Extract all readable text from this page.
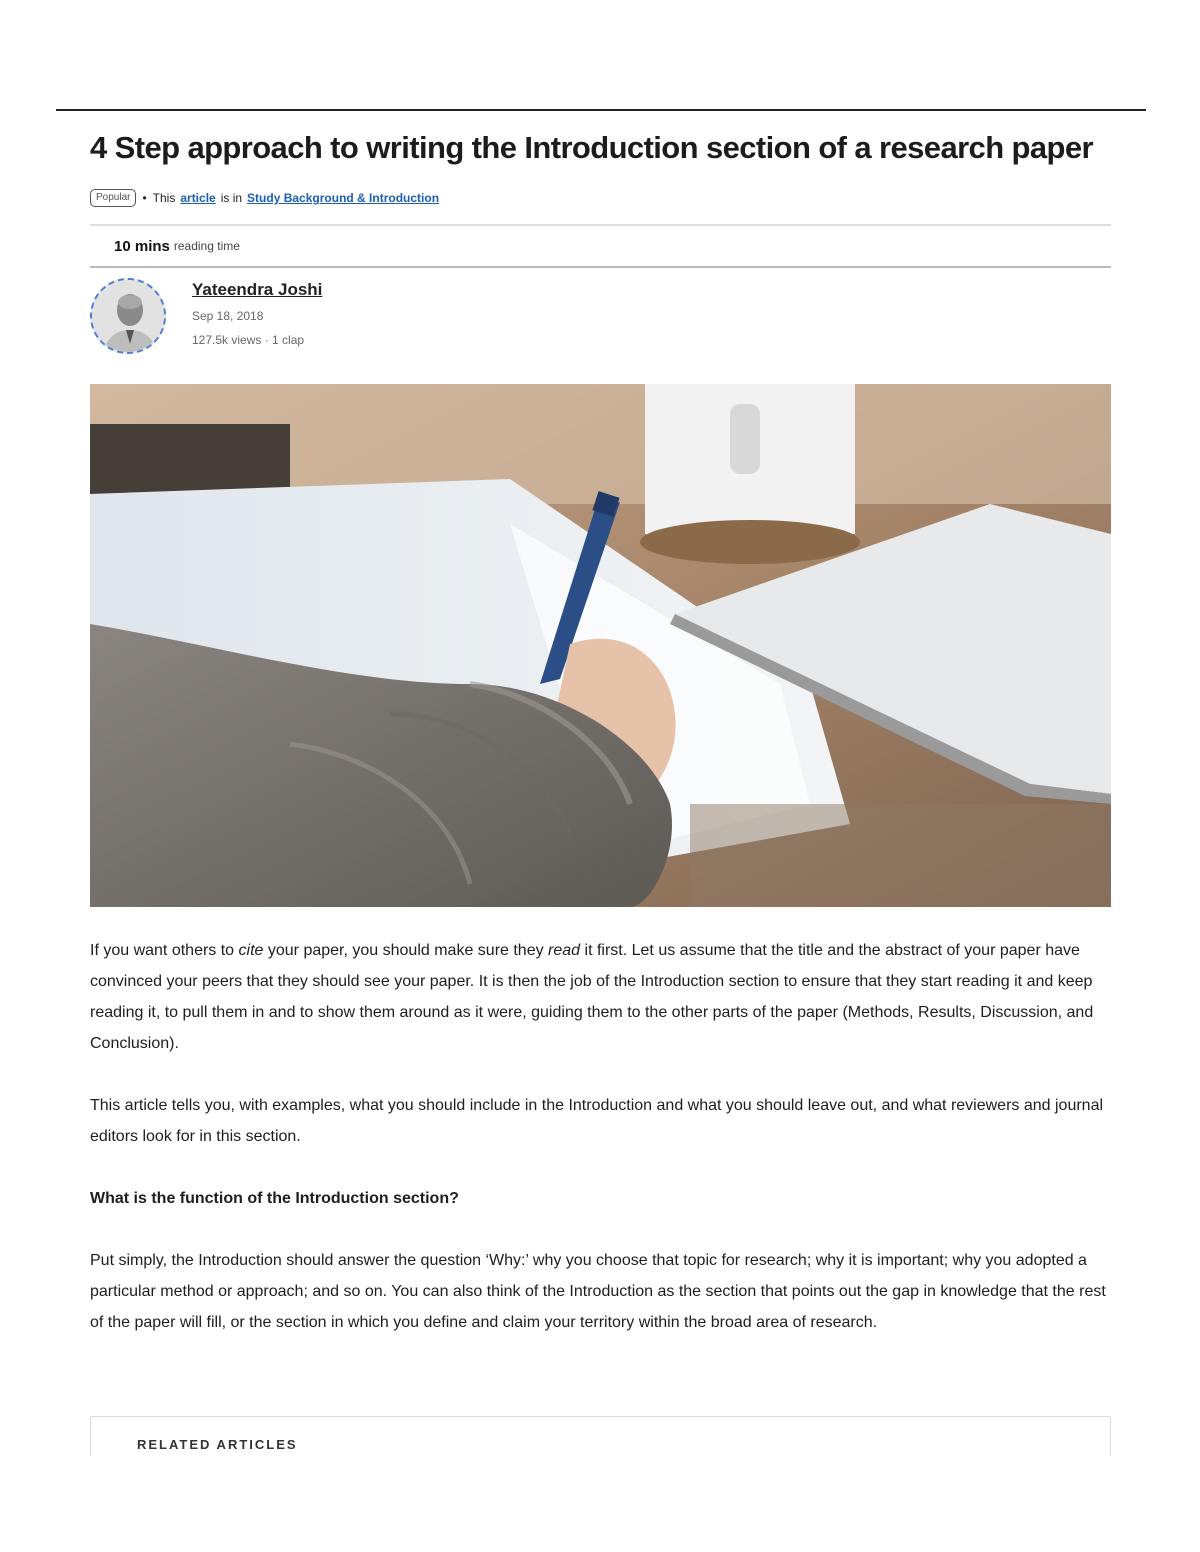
4 Step approach to writing the Introduction section of a research paper
Popular	• This article is in Study Background & Introduction
10 mins reading time
Yateendra Joshi
Sep 18, 2018
127.5k views · 1 clap

If you want others to cite your paper, you should make sure they read it first. Let us assume that the title and the abstract of your paper have convinced your peers that they should see your paper. It is then the job of the Introduction section to ensure that they start reading it and keep reading it, to pull them in and to show them around as it were, guiding them to the other parts of the paper (Methods, Results, Discussion, and Conclusion).

This article tells you, with examples, what you should include in the Introduction and what you should leave out, and what reviewers and journal editors look for in this section.

What is the function of the Introduction section?

Put simply, the Introduction should answer the question ‘Why:’ why you choose that topic for research; why it is important; why you adopted a particular method or approach; and so on. You can also think of the Introduction as the section that points out the gap in knowledge that the rest of the paper will fill, or the section in which you define and claim your territory within the broad area of research.

RELATED ARTICLES
